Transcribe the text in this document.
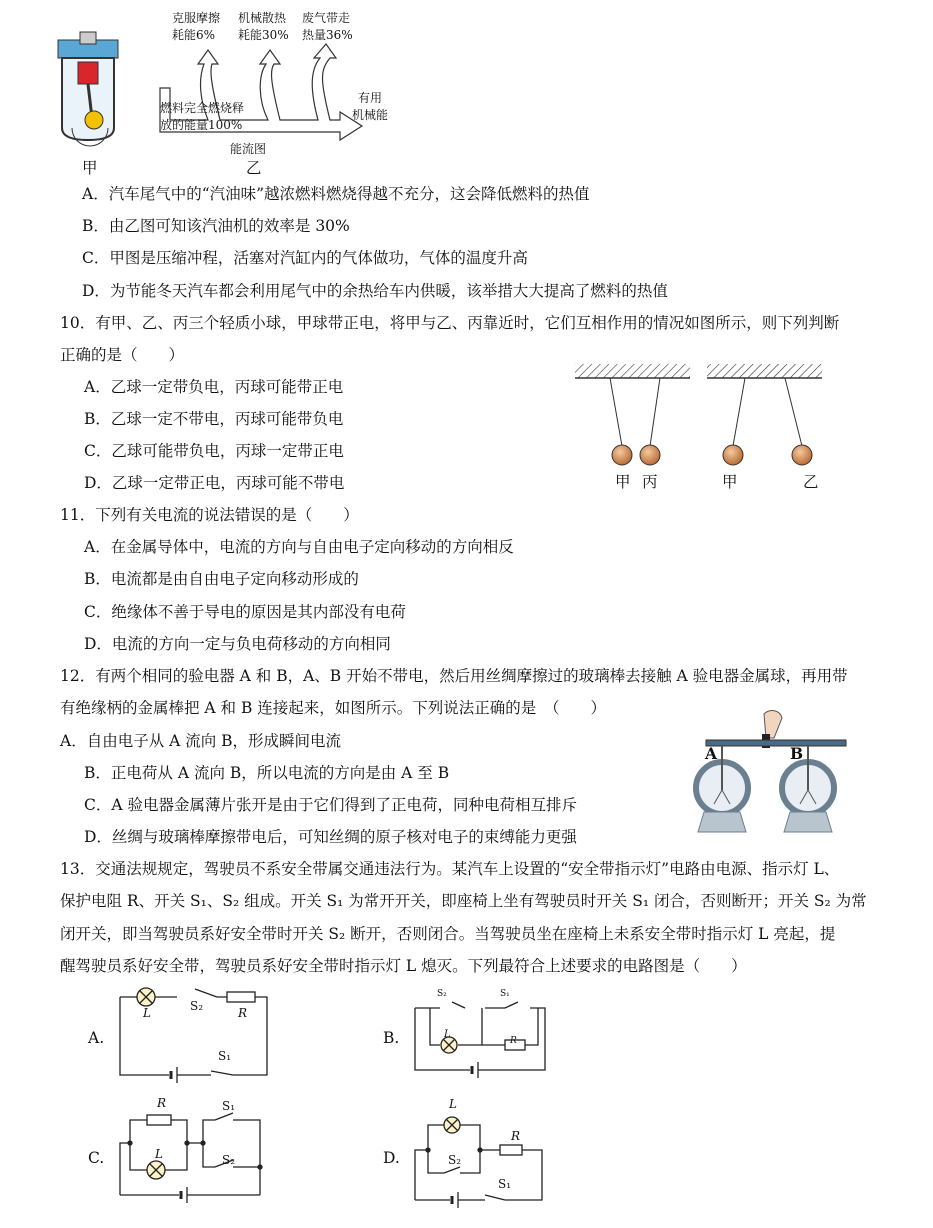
甲
克服摩擦
耗能6%
机械散热
耗能30%
废气带走
热量36%
燃料完全燃烧释
放的能量100%
有用
机械能
能流图
乙
A．汽车尾气中的“汽油味”越浓燃料燃烧得越不充分，这会降低燃料的热值
B．由乙图可知该汽油机的效率是 30%
C．甲图是压缩冲程，活塞对汽缸内的气体做功，气体的温度升高
D．为节能冬天汽车都会利用尾气中的余热给车内供暖，该举措大大提高了燃料的热值
10．有甲、乙、丙三个轻质小球，甲球带正电，将甲与乙、丙靠近时，它们互相作用的情况如图所示，则下列判断
正确的是（　　）
A．乙球一定带负电，丙球可能带正电
B．乙球一定不带电，丙球可能带负电
C．乙球可能带负电，丙球一定带正电
D．乙球一定带正电，丙球可能不带电	甲 丙	甲	乙
11．下列有关电流的说法错误的是（　　）
A．在金属导体中，电流的方向与自由电子定向移动的方向相反
B．电流都是由自由电子定向移动形成的
C．绝缘体不善于导电的原因是其内部没有电荷
D．电流的方向一定与负电荷移动的方向相同
12．有两个相同的验电器 A 和 B，A、B 开始不带电，然后用丝绸摩擦过的玻璃棒去接触 A 验电器金属球，再用带
有绝缘柄的金属棒把 A 和 B 连接起来，如图所示。下列说法正确的是　（　　）
A．自由电子从 A 流向 B，形成瞬间电流
B．正电荷从 A 流向 B，所以电流的方向是由 A 至 B
C．A 验电器金属薄片张开是由于它们得到了正电荷，同种电荷相互排斥
D．丝绸与玻璃棒摩擦带电后，可知丝绸的原子核对电子的束缚能力更强
A	B
13．交通法规规定，驾驶员不系安全带属交通违法行为。某汽车上设置的“安全带指示灯”电路由电源、指示灯 L、
保护电阻 R、开关 S₁、S₂ 组成。开关 S₁ 为常开开关，即座椅上坐有驾驶员时开关 S₁ 闭合，否则断开；开关 S₂ 为常
闭开关，即当驾驶员系好安全带时开关 S₂ 断开，否则闭合。当驾驶员坐在座椅上未系安全带时指示灯 L 亮起，提
醒驾驶员系好安全带，驾驶员系好安全带时指示灯 L 熄灭。下列最符合上述要求的电路图是（　　）
A.
L	S₂	R
S₁
B.
S₂	S₁
L
R
C.
R	S₁
L	S₂	D.
L
R
S₂
S₁
